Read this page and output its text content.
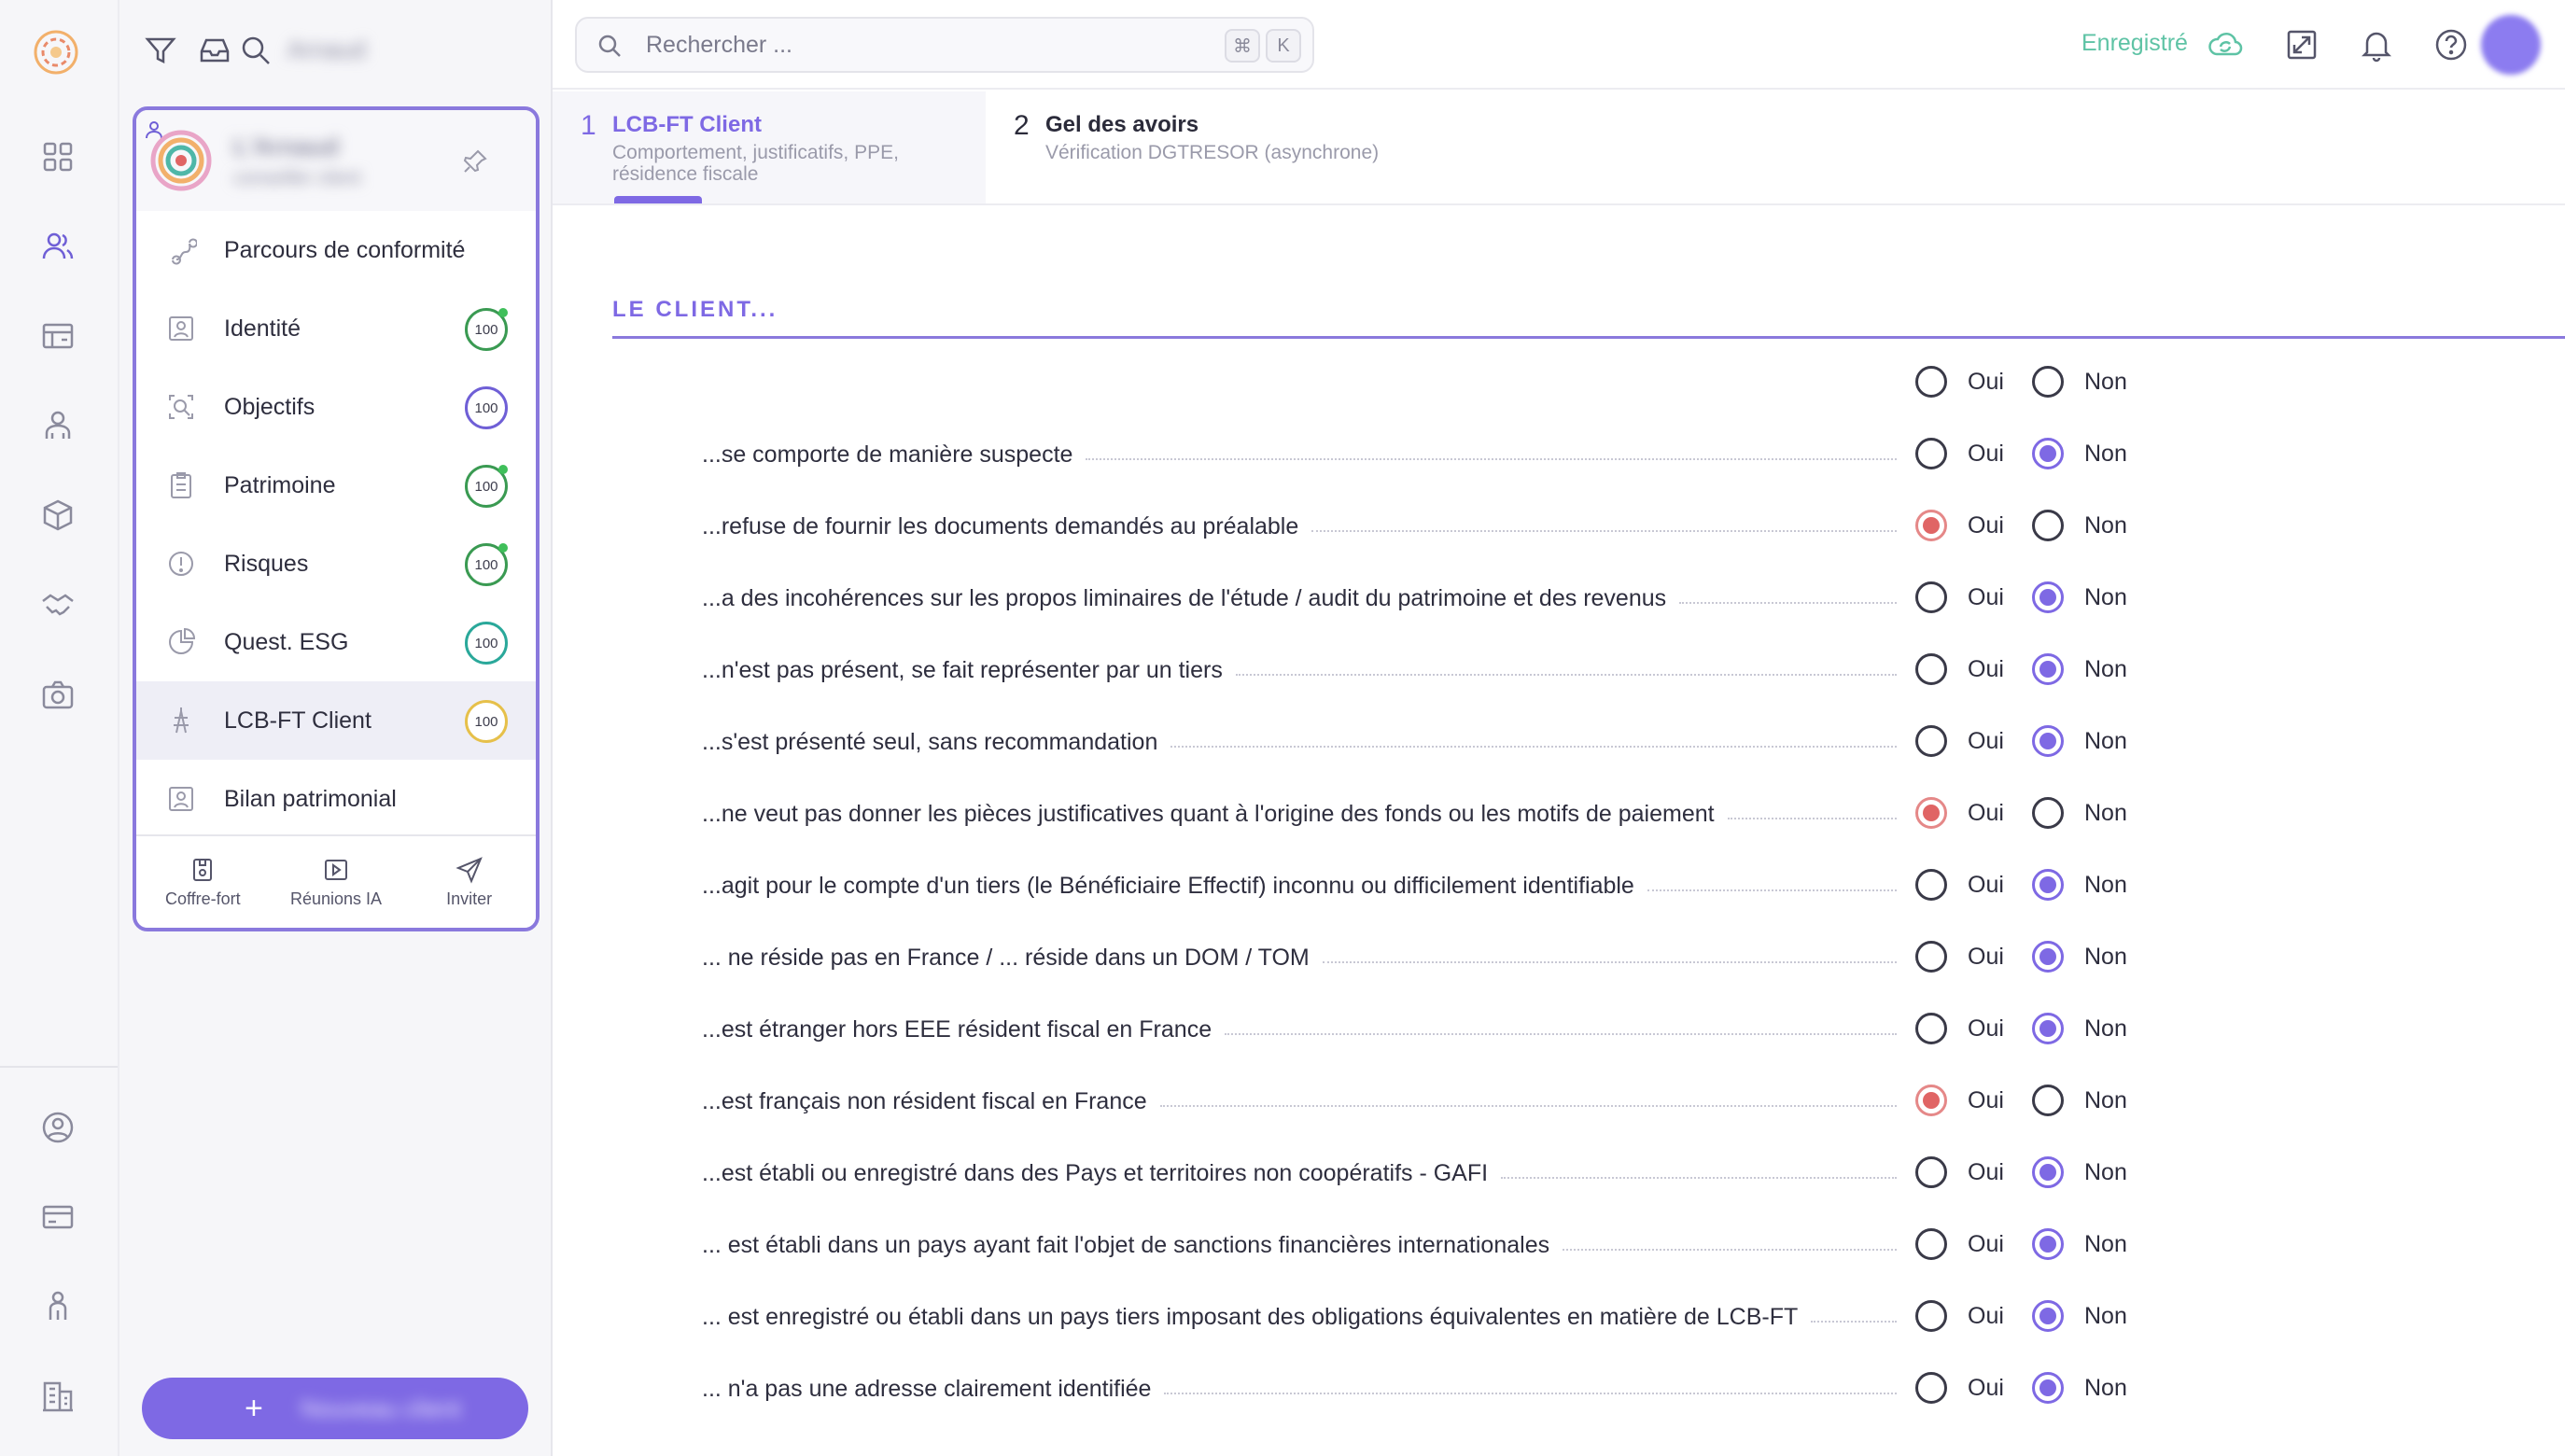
Arnaud
L'Arnaud
conseiller client
Parcours de conformité
Identité	100
Objectifs	100
Patrimoine	100
Risques	100
Quest. ESG	100
LCB-FT Client	100
Bilan patrimonial
Coffre-fort	Réunions IA	Inviter
+ Nouveau client
Rechercher ...
⌘	K	Enregistré
1 LCB-FT Client
Comportement, justificatifs, PPE, résidence fiscale
2 Gel des avoirs
Vérification DGTRESOR (asynchrone)
LE CLIENT...
Oui	Non
...se comporte de manière suspecte	Oui	Non
...refuse de fournir les documents demandés au préalable	Oui	Non
...a des incohérences sur les propos liminaires de l'étude / audit du patrimoine et des revenus	Oui	Non
...n'est pas présent, se fait représenter par un tiers	Oui	Non
...s'est présenté seul, sans recommandation	Oui	Non
...ne veut pas donner les pièces justificatives quant à l'origine des fonds ou les motifs de paiement	Oui	Non
...agit pour le compte d'un tiers (le Bénéficiaire Effectif) inconnu ou difficilement identifiable	Oui	Non
... ne réside pas en France / ... réside dans un DOM / TOM	Oui	Non
...est étranger hors EEE résident fiscal en France	Oui	Non
...est français non résident fiscal en France	Oui	Non
...est établi ou enregistré dans des Pays et territoires non coopératifs - GAFI	Oui	Non
... est établi dans un pays ayant fait l'objet de sanctions financières internationales	Oui	Non
... est enregistré ou établi dans un pays tiers imposant des obligations équivalentes en matière de LCB-FT	Oui	Non
... n'a pas une adresse clairement identifiée	Oui	Non
